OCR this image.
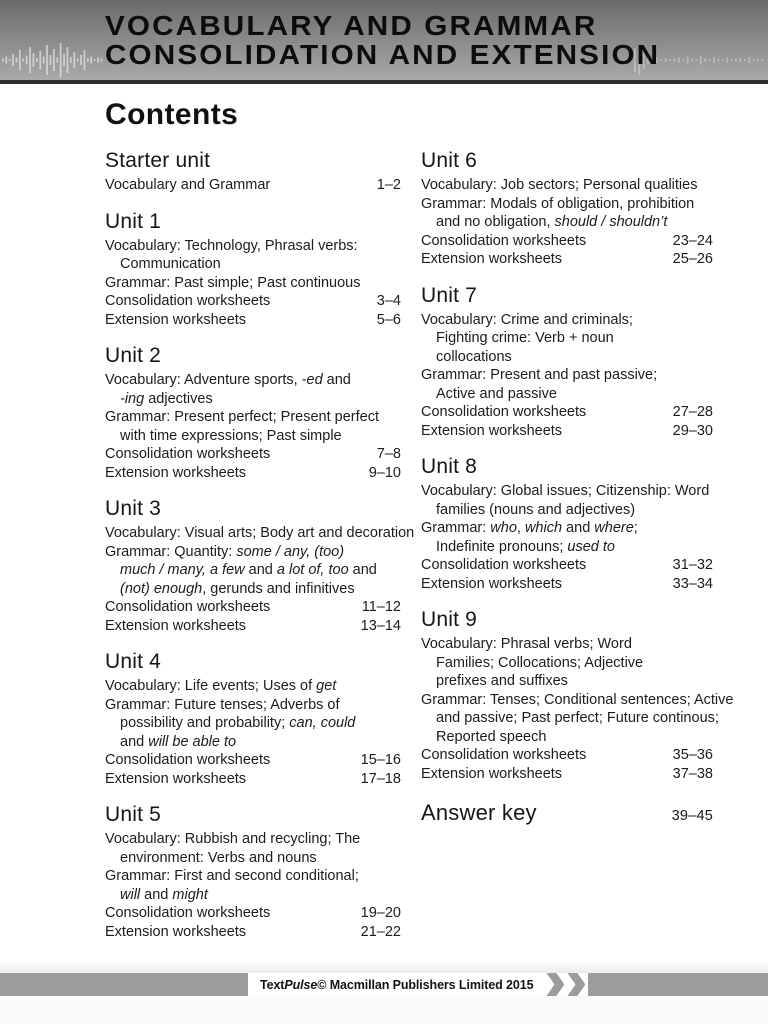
VOCABULARY AND GRAMMAR
CONSOLIDATION AND EXTENSION
Contents
Starter unit
Vocabulary and Grammar	1–2
Unit 1
Vocabulary: Technology, Phrasal verbs:
Communication
Grammar: Past simple; Past continuous
Consolidation worksheets	3–4
Extension worksheets	5–6
Unit 2
Vocabulary: Adventure sports, -ed and
-ing adjectives
Grammar: Present perfect; Present perfect
with time expressions; Past simple
Consolidation worksheets	7–8
Extension worksheets	9–10
Unit 3
Vocabulary: Visual arts; Body art and decoration
Grammar: Quantity: some / any, (too)
much / many, a few and a lot of, too and
(not) enough, gerunds and infinitives
Consolidation worksheets	11–12
Extension worksheets	13–14
Unit 4
Vocabulary: Life events; Uses of get
Grammar: Future tenses; Adverbs of
possibility and probability; can, could
and will be able to
Consolidation worksheets	15–16
Extension worksheets	17–18
Unit 5
Vocabulary: Rubbish and recycling; The
environment: Verbs and nouns
Grammar: First and second conditional;
will and might
Consolidation worksheets	19–20
Extension worksheets	21–22
Unit 6
Vocabulary: Job sectors; Personal qualities
Grammar: Modals of obligation, prohibition
and no obligation, should / shouldn’t
Consolidation worksheets	23–24
Extension worksheets	25–26
Unit 7
Vocabulary: Crime and criminals;
Fighting crime: Verb + noun
collocations
Grammar: Present and past passive;
Active and passive
Consolidation worksheets	27–28
Extension worksheets	29–30
Unit 8
Vocabulary: Global issues; Citizenship: Word
families (nouns and adjectives)
Grammar: who, which and where;
Indefinite pronouns; used to
Consolidation worksheets	31–32
Extension worksheets	33–34
Unit 9
Vocabulary: Phrasal verbs; Word
Families; Collocations; Adjective
prefixes and suffixes
Grammar: Tenses; Conditional sentences; Active
and passive; Past perfect; Future continous;
Reported speech
Consolidation worksheets	35–36
Extension worksheets	37–38
Answer key	39–45
Text Pulse © Macmillan Publishers Limited 2015
